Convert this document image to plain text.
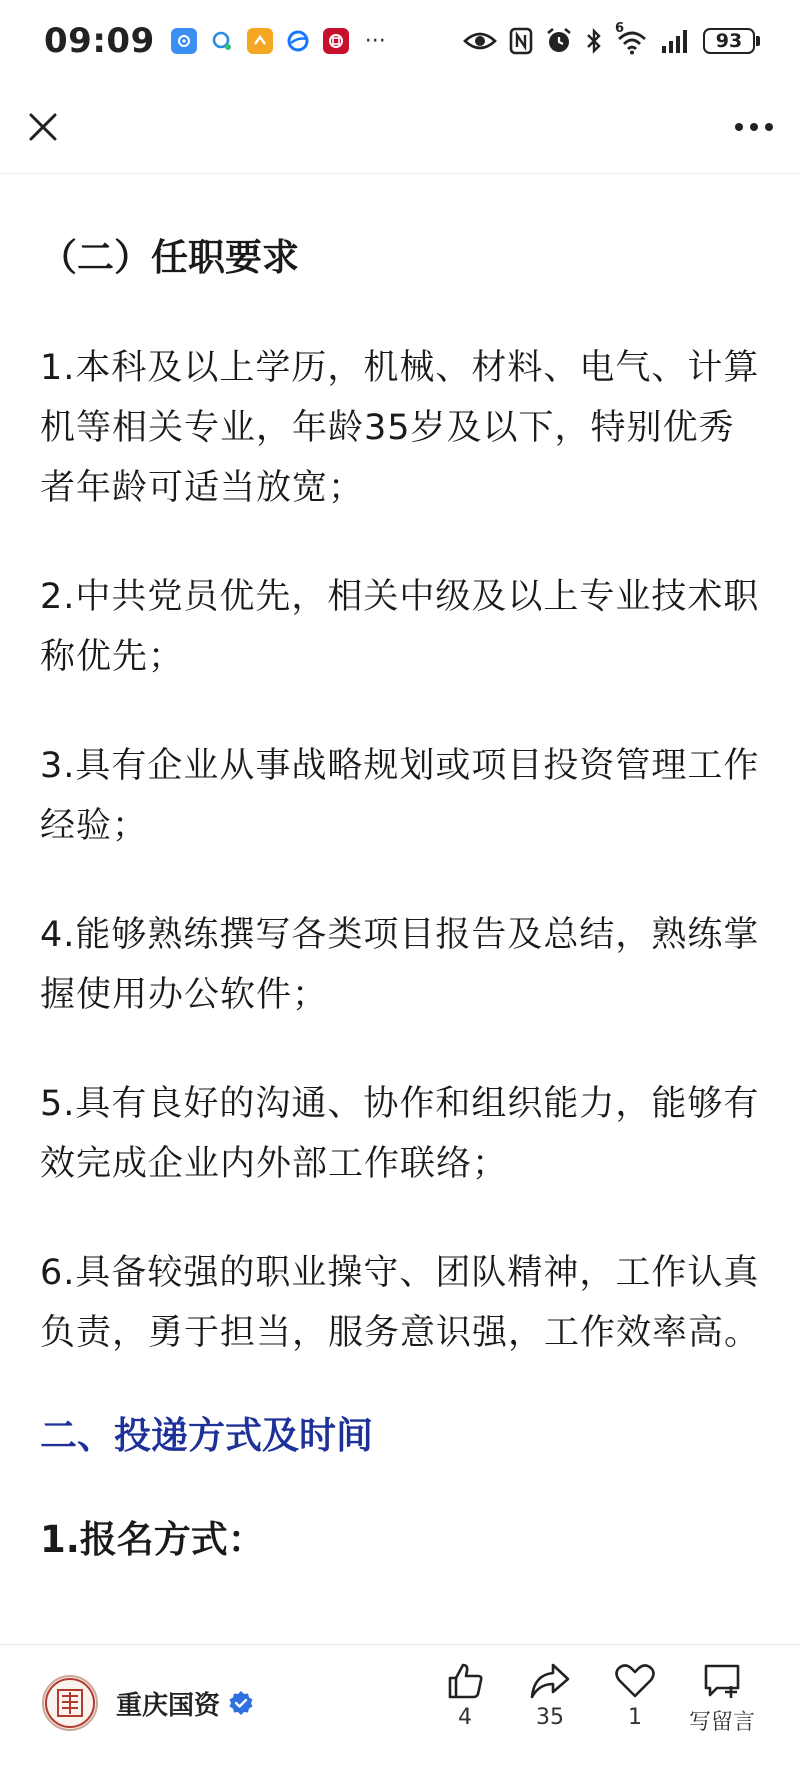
09:09	···	6
93
（二）任职要求

1.本科及以上学历，机械、材料、电气、计算机等相关专业，年龄35岁及以下，特别优秀者年龄可适当放宽；

2.中共党员优先，相关中级及以上专业技术职称优先；

3.具有企业从事战略规划或项目投资管理工作经验；

4.能够熟练撰写各类项目报告及总结，熟练掌握使用办公软件；

5.具有良好的沟通、协作和组织能力，能够有效完成企业内外部工作联络；

6.具备较强的职业操守、团队精神，工作认真负责，勇于担当，服务意识强，工作效率高。

二、投递方式及时间
1.报名方式：
重庆国资	4	35	1 写留言
